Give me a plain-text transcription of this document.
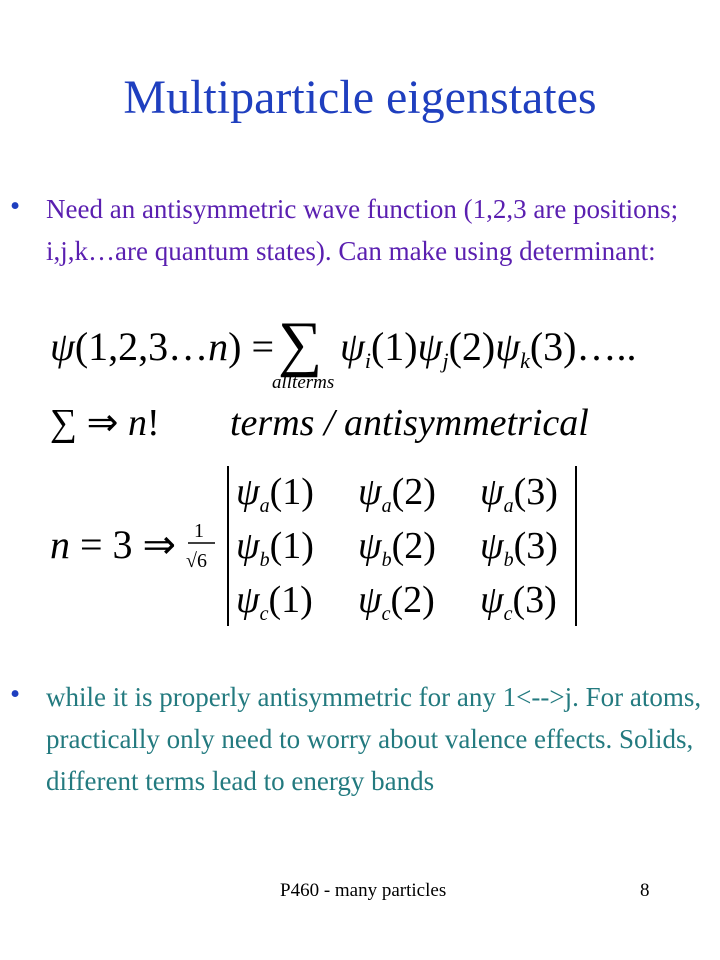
Multiparticle eigenstates
• Need an antisymmetric wave function (1,2,3 are positions; i,j,k…are quantum states). Can make using determinant:
ψ(1,2,3…n) = ∑
allterms
$\psi_i(1)\psi_j(2)\psi_k(3)\dots$..
∑ ⇒ n! terms / antisymmetrical
n = 3 ⇒ 1
√6
$\psi_a(1)$ $\psi_a(2)$ $\psi_a(3)$
$\psi_b(1)$ $\psi_b(2)$ $\psi_b(3)$
$\psi_c(1)$ $\psi_c(2)$ $\psi_c(3)$
• while it is properly antisymmetric for any 1<-->j. For atoms, practically only need to worry about valence effects. Solids, different terms lead to energy bands
P460 - many particles	8
